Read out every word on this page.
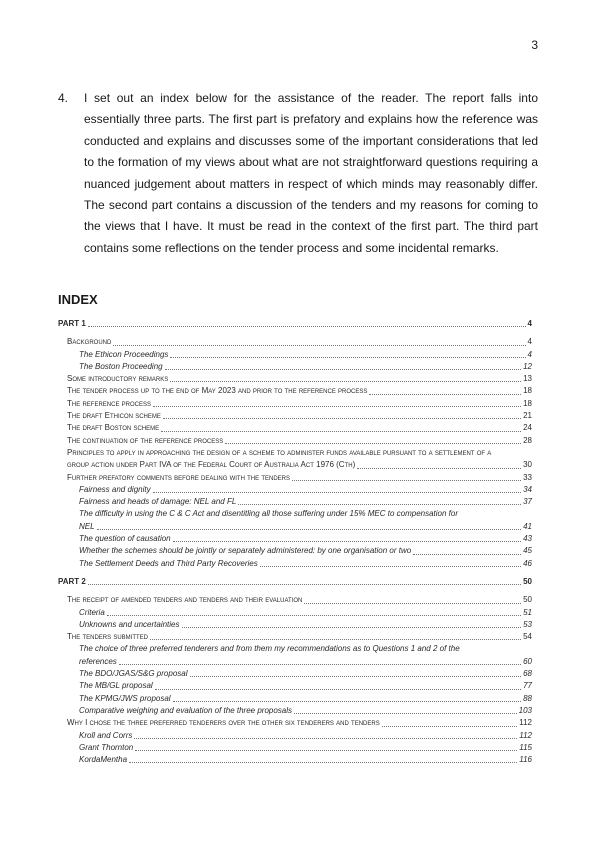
3
4. I set out an index below for the assistance of the reader. The report falls into essentially three parts. The first part is prefatory and explains how the reference was conducted and explains and discusses some of the important considerations that led to the formation of my views about what are not straightforward questions requiring a nuanced judgement about matters in respect of which minds may reasonably differ. The second part contains a discussion of the tenders and my reasons for coming to the views that I have. It must be read in the context of the first part. The third part contains some reflections on the tender process and some incidental remarks.
INDEX
PART 1	4
Background	4
The Ethicon Proceedings	4
The Boston Proceeding	12
Some introductory remarks	13
The tender process up to the end of May 2023 and prior to the reference process	18
The reference process	18
The draft Ethicon scheme	21
The draft Boston scheme	24
The continuation of the reference process	28
Principles to apply in approaching the design of a scheme to administer funds available pursuant to a settlement of a
group action under Part IVA of the Federal Court of Australia Act 1976 (Cth)	30
Further prefatory comments before dealing with the tenders	33
Fairness and dignity	34
Fairness and heads of damage: NEL and FL	37
The difficulty in using the C & C Act and disentitling all those suffering under 15% MEC to compensation for
NEL	41
The question of causation	43
Whether the schemes should be jointly or separately administered: by one organisation or two	45
The Settlement Deeds and Third Party Recoveries	46
PART 2	50
The receipt of amended tenders and tenders and their evaluation	50
Criteria	51
Unknowns and uncertainties	53
The tenders submitted	54
The choice of three preferred tenderers and from them my recommendations as to Questions 1 and 2 of the
references	60
The BDO/JGAS/S&G proposal	68
The MB/GL proposal	77
The KPMG/JWS proposal	88
Comparative weighing and evaluation of the three proposals	103
Why I chose the three preferred tenderers over the other six tenderers and tenders	112
Kroll and Corrs	112
Grant Thornton	115
KordaMentha	116
